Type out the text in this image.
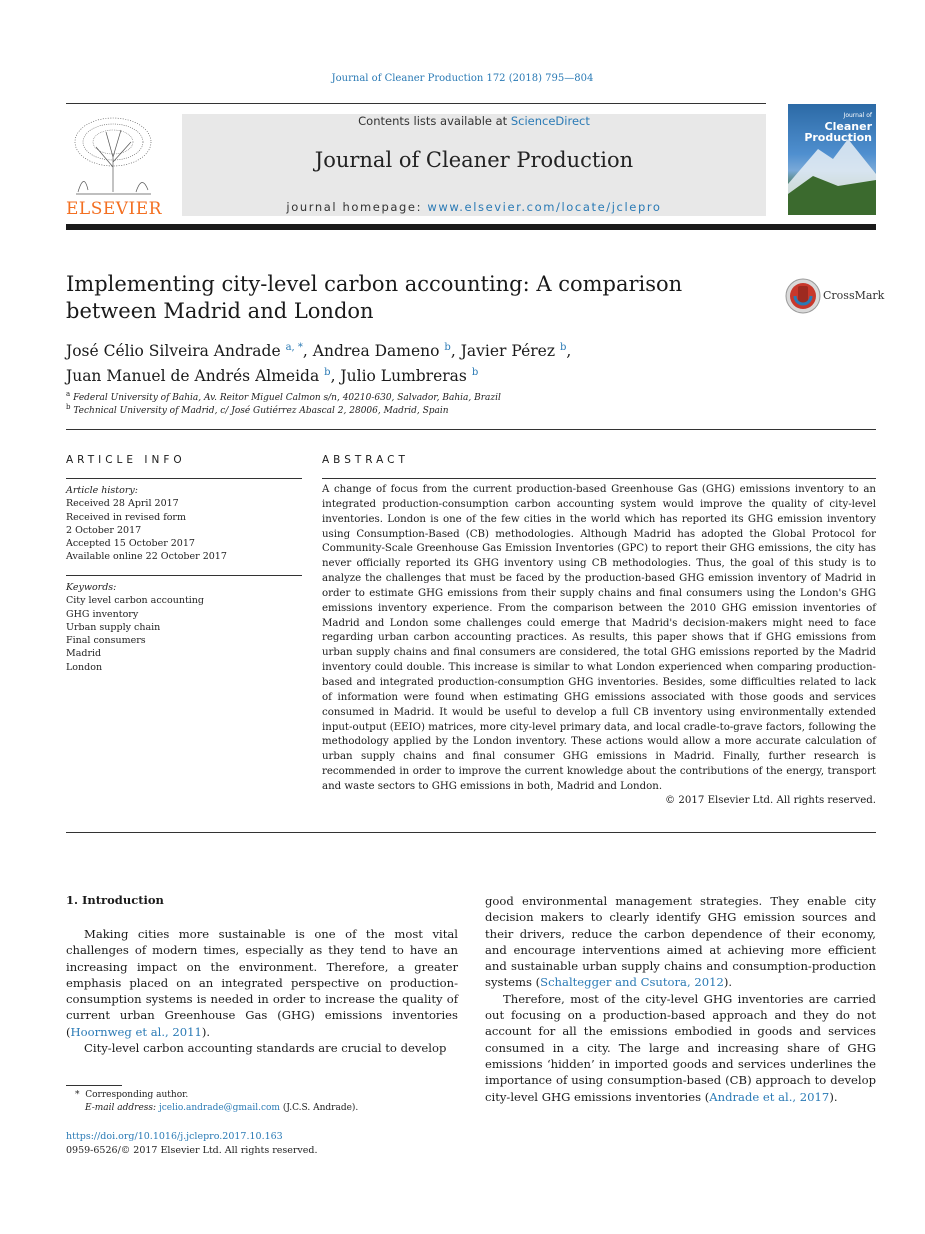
Journal of Cleaner Production 172 (2018) 795—804
ELSEVIER
Contents lists available at ScienceDirect
Journal of Cleaner Production
journal homepage: www.elsevier.com/locate/jclepro
Journal of
Cleaner
Production
Implementing city-level carbon accounting: A comparison between Madrid and London
CrossMark
José Célio Silveira Andrade $^{a, *}$, Andrea Dameno $^b$, Javier Pérez $^b$,
Juan Manuel de Andrés Almeida $^b$, Julio Lumbreras $^b$
$^a$ Federal University of Bahia, Av. Reitor Miguel Calmon s/n, 40210-630, Salvador, Bahia, Brazil
$^b$ Technical University of Madrid, c/ José Gutiérrez Abascal 2, 28006, Madrid, Spain
ARTICLE INFO
Article history:
Received 28 April 2017
Received in revised form
2 October 2017
Accepted 15 October 2017
Available online 22 October 2017
Keywords:
City level carbon accounting
GHG inventory
Urban supply chain
Final consumers
Madrid
London
ABSTRACT
A change of focus from the current production-based Greenhouse Gas (GHG) emissions inventory to an integrated production-consumption carbon accounting system would improve the quality of city-level inventories. London is one of the few cities in the world which has reported its GHG emission inventory using Consumption-Based (CB) methodologies. Although Madrid has adopted the Global Protocol for Community-Scale Greenhouse Gas Emission Inventories (GPC) to report their GHG emissions, the city has never officially reported its GHG inventory using CB methodologies. Thus, the goal of this study is to analyze the challenges that must be faced by the production-based GHG emission inventory of Madrid in order to estimate GHG emissions from their supply chains and final consumers using the London's GHG emissions inventory experience. From the comparison between the 2010 GHG emission inventories of Madrid and London some challenges could emerge that Madrid's decision-makers might need to face regarding urban carbon accounting practices. As results, this paper shows that if GHG emissions from urban supply chains and final consumers are considered, the total GHG emissions reported by the Madrid inventory could double. This increase is similar to what London experienced when comparing production-based and integrated production-consumption GHG inventories. Besides, some difficulties related to lack of information were found when estimating GHG emissions associated with those goods and services consumed in Madrid. It would be useful to develop a full CB inventory using environmentally extended input-output (EEIO) matrices, more city-level primary data, and local cradle-to-grave factors, following the methodology applied by the London inventory. These actions would allow a more accurate calculation of urban supply chains and final consumer GHG emissions in Madrid. Finally, further research is recommended in order to improve the current knowledge about the contributions of the energy, transport and waste sectors to GHG emissions in both, Madrid and London.
© 2017 Elsevier Ltd. All rights reserved.
1. Introduction

Making cities more sustainable is one of the most vital challenges of modern times, especially as they tend to have an increasing impact on the environment. Therefore, a greater emphasis placed on an integrated perspective on production-consumption systems is needed in order to increase the quality of current urban Greenhouse Gas (GHG) emissions inventories (Hoornweg et al., 2011).

City-level carbon accounting standards are crucial to develop

good environmental management strategies. They enable city decision makers to clearly identify GHG emission sources and their drivers, reduce the carbon dependence of their economy, and encourage interventions aimed at achieving more efficient and sustainable urban supply chains and consumption-production systems (Schaltegger and Csutora, 2012).

Therefore, most of the city-level GHG inventories are carried out focusing on a production-based approach and they do not account for all the emissions embodied in goods and services consumed in a city. The large and increasing share of GHG emissions ‘hidden’ in imported goods and services underlines the importance of using consumption-based (CB) approach to develop city-level GHG emissions inventories (Andrade et al., 2017).

* Corresponding author.
E-mail address: jcelio.andrade@gmail.com (J.C.S. Andrade).
https://doi.org/10.1016/j.jclepro.2017.10.163
0959-6526/© 2017 Elsevier Ltd. All rights reserved.
